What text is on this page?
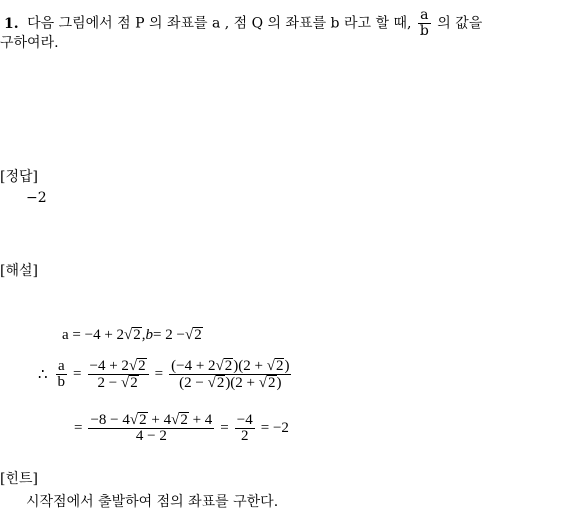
1. 다음 그림에서 점 P 의 좌표를 a , 점 Q 의 좌표를 b 라고 할 때, $\frac{a}{b}$ 의 값을
구하여라.
[정답]
−2
[해설]
a = −4 + 2 √2 , b = 2 − √2
∴ $\frac{a}{b} = \frac{-4 + 2√2}{2 - √2} = \frac{(-4 + 2√2)(2 + √2)}{(2 - √2)(2 + √2)}$
= $\frac{-8 - 4√2 + 4√2 + 4}{4 - 2} = \frac{-4}{2} = -2$
[힌트]
시작점에서 출발하여 점의 좌표를 구한다.
